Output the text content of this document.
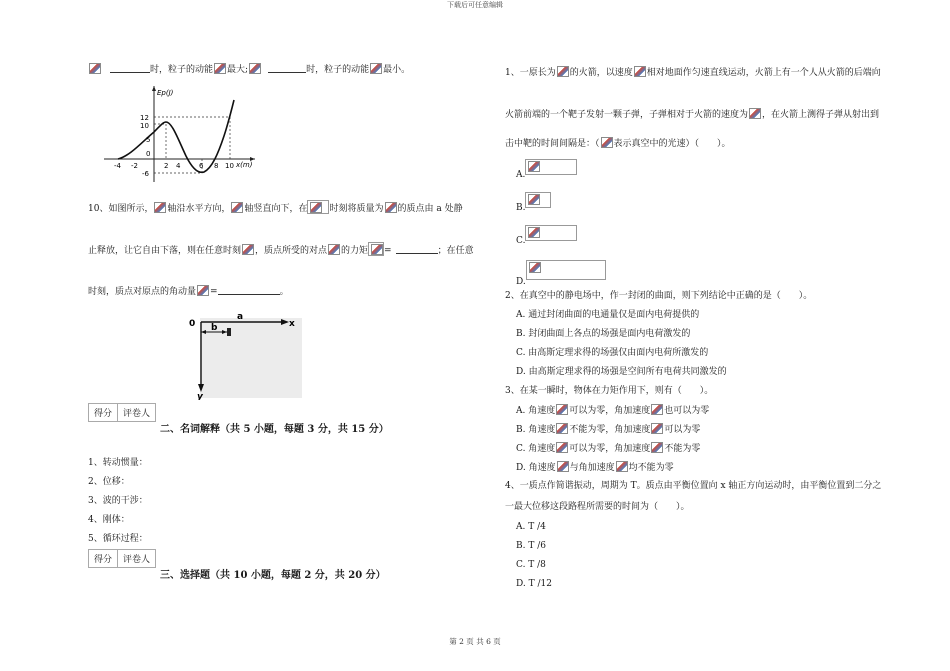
下载后可任意编辑
时，粒子的动能 最大;	时，粒子的动能 最小。
Ep(J)
x(m)
12
10
5
0
-6
-4 -2	2 4	6 8 10
10、如图所示， 轴沿水平方向， 轴竖直向下，在 时刻将质量为 的质点由 a 处静
止释放，让它自由下落，则在任意时刻 ，质点所受的对点 的力矩 =	；在任意
时刻，质点对原点的角动量 =	。
0
a
b	x
y
得分	评卷人
二、名词解释（共 5 小题，每题 3 分，共 15 分）
1、转动惯量：
2、位移：
3、波的干涉：
4、刚体：
5、循环过程：
得分	评卷人
三、选择题（共 10 小题，每题 2 分，共 20 分）
1、一原长为 的火箭，以速度 相对地面作匀速直线运动，火箭上有一个人从火箭的后端向
火箭前端的一个靶子发射一颗子弹，子弹相对于火箭的速度为 ，在火箭上测得子弹从射出到
击中靶的时间间隔是：（ 表示真空中的光速）（　　）。
A.
B.
C.
D.
2、在真空中的静电场中，作一封闭的曲面，则下列结论中正确的是（　　）。
A. 通过封闭曲面的电通量仅是面内电荷提供的
B. 封闭曲面上各点的场强是面内电荷激发的
C. 由高斯定理求得的场强仅由面内电荷所激发的
D. 由高斯定理求得的场强是空间所有电荷共同激发的
3、在某一瞬时，物体在力矩作用下，则有（　　）。
A. 角速度 可以为零，角加速度 也可以为零
B. 角速度 不能为零，角加速度 可以为零
C. 角速度 可以为零，角加速度 不能为零
D. 角速度 与角加速度 均不能为零
4、一质点作简谐振动，周期为 T。质点由平衡位置向 x 轴正方向运动时，由平衡位置到二分之
一最大位移这段路程所需要的时间为（　　）。
A. T /4
B. T /6
C. T /8
D. T /12
第 2 页 共 6 页
